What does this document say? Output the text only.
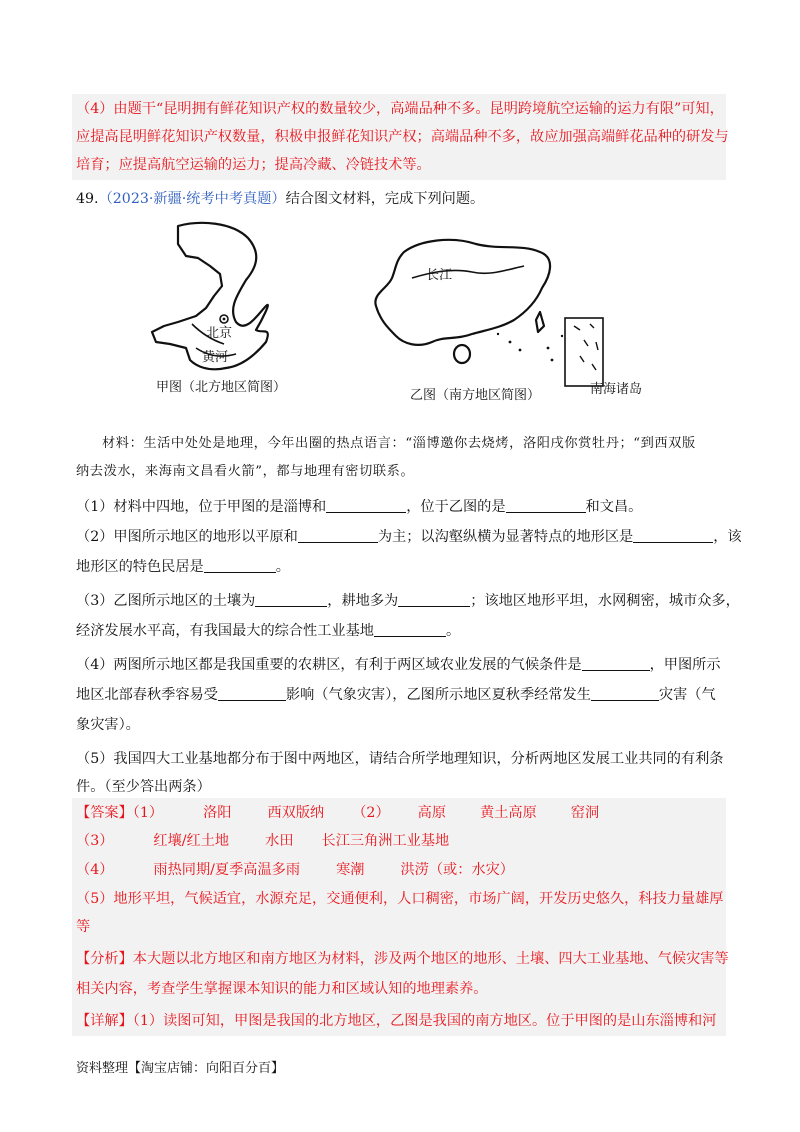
（4）由题干“昆明拥有鲜花知识产权的数量较少，高端品种不多。昆明跨境航空运输的运力有限”可知，
应提高昆明鲜花知识产权数量，积极申报鲜花知识产权；高端品种不多，故应加强高端鲜花品种的研发与
培育；应提高航空运输的运力；提高冷藏、冷链技术等。
49.（2023·新疆·统考中考真题）结合图文材料，完成下列问题。
北京
黄河
甲图（北方地区简图）
长江
乙图（南方地区简图）	南海诸岛
材料：生活中处处是地理，今年出圈的热点语言：“淄博邀你去烧烤，洛阳戌你赏牡丹；“到西双版
纳去泼水，来海南文昌看火箭”，都与地理有密切联系。
（1）材料中四地，位于甲图的是淄博和	，位于乙图的是	和文昌。
（2）甲图所示地区的地形以平原和	为主；以沟壑纵横为显著特点的地形区是	，该
地形区的特色民居是	。
（3）乙图所示地区的土壤为	，耕地多为	；该地区地形平坦，水网稠密，城市众多，
经济发展水平高，有我国最大的综合性工业基地	。
（4）两图所示地区都是我国重要的农耕区，有利于两区域农业发展的气候条件是	，甲图所示
地区北部春秋季容易受	影响（气象灾害），乙图所示地区夏秋季经常发生	灾害（气
象灾害）。
（5）我国四大工业基地都分布于图中两地区，请结合所学地理知识，分析两地区发展工业共同的有利条
件。（至少答出两条）
【答案】（1）	洛阳	西双版纳 （2） 高原 黄土高原 窑洞
（3）	红壤/红土地	水田 长江三角洲工业基地
（4）	雨热同期/夏季高温多雨	寒潮	洪涝（或：水灾）
（5）地形平坦，气候适宜，水源充足，交通便利，人口稠密，市场广阔，开发历史悠久，科技力量雄厚
等
【分析】本大题以北方地区和南方地区为材料，涉及两个地区的地形、土壤、四大工业基地、气候灾害等
相关内容，考查学生掌握课本知识的能力和区域认知的地理素养。
【详解】（1）读图可知，甲图是我国的北方地区，乙图是我国的南方地区。位于甲图的是山东淄博和河
资料整理【淘宝店铺：向阳百分百】
